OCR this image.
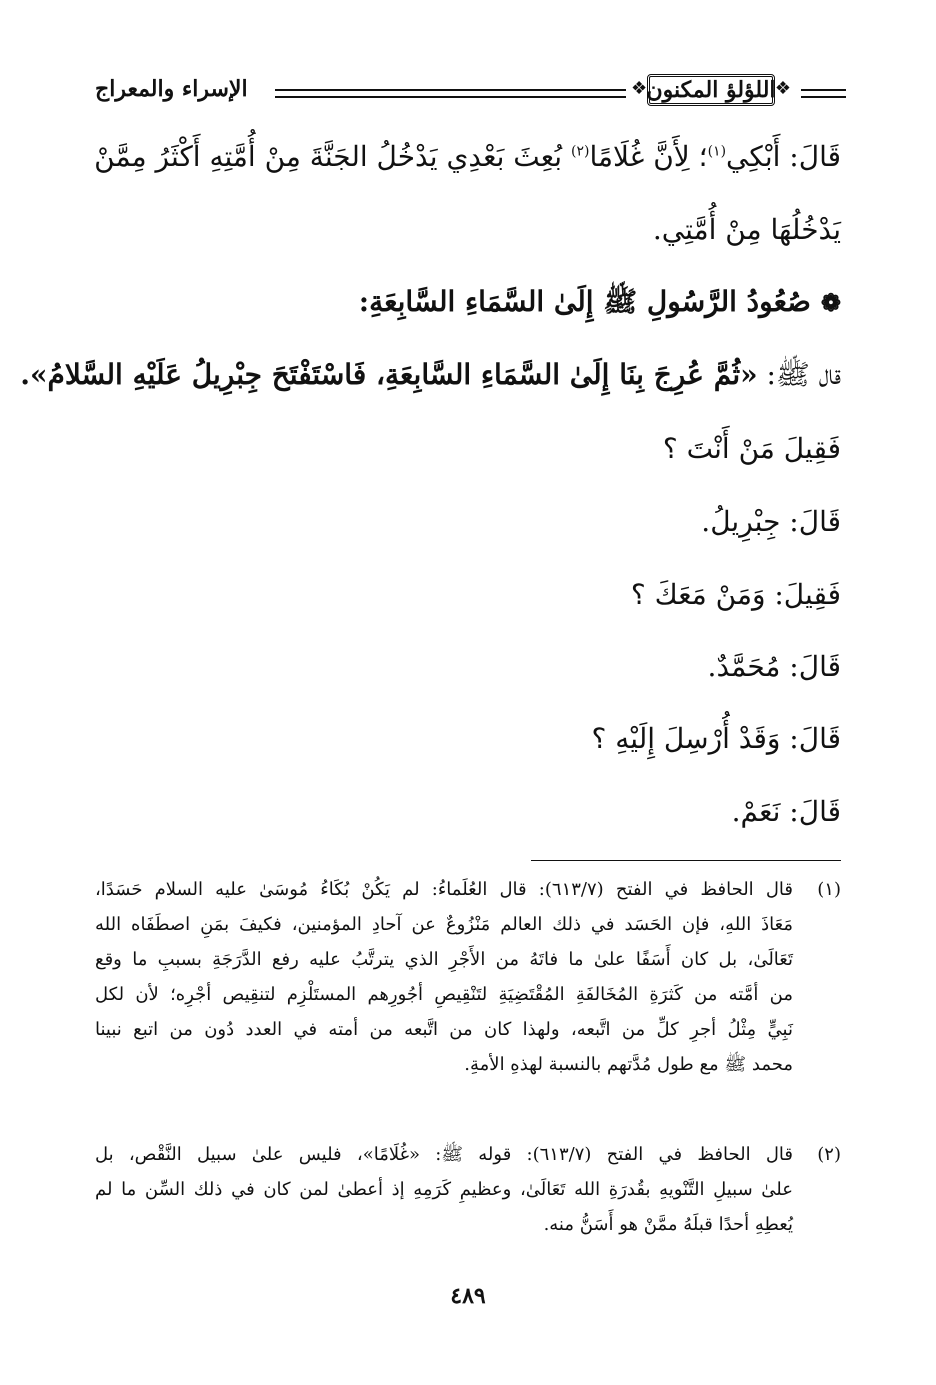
❖
اللؤلؤ المكنون
❖
الإسراء والمعراج
قَالَ: أَبْكِي$^{(١)}$؛ لِأَنَّ غُلَامًا$^{(٢)}$ بُعِثَ بَعْدِي يَدْخُلُ الجَنَّةَ مِنْ أُمَّتِهِ أَكْثَرُ مِمَّنْ
يَدْخُلُهَا مِنْ أُمَّتِي.
❁صُعُودُ الرَّسُولِ ﷺ إِلَىٰ السَّمَاءِ السَّابِعَةِ:
قال ﷺ: «ثُمَّ عُرِجَ بِنَا إِلَىٰ السَّمَاءِ السَّابِعَةِ، فَاسْتَفْتَحَ جِبْرِيلُ عَلَيْهِ السَّلامُ».
فَقِيلَ مَنْ أَنْتَ ؟
قَالَ: جِبْرِيلُ.
فَقِيلَ: وَمَنْ مَعَكَ ؟
قَالَ: مُحَمَّدٌ.
قَالَ: وَقَدْ أُرْسِلَ إِلَيْهِ ؟
قَالَ: نَعَمْ.
(١)
قال الحافظ في الفتح (٦١٣/٧): قال العُلَماءُ: لم يَكُنْ بُكَاءُ مُوسَىٰ عليه السلام حَسَدًا،
مَعَاذَ اللهِ، فإن الحَسَد في ذلك العالم مَنْزُوعٌ عن آحادِ المؤمنين، فكيفَ بمَنِ اصطَفَاه الله
تَعَالَىٰ، بل كان أَسَفًا علىٰ ما فاتَهُ من الأَجْرِ الذي يترتَّبُ عليه رفع الدَّرَجَةِ بسببِ ما وقع
من أمَّته من كَثرَةِ المُخَالفَةِ المُقْتَضِيَةِ لتَنْقِيصِ أجُورِهم المستَلْزِم لتنقِيص أجْرِه؛ لأن لكل
نَبِيٍّ مِثْلُ أجرِ كلِّ من اتَّبعه، ولهذا كان من اتَّبعه من أمته في العدد دُون من اتبع نبينا
محمد ﷺ مع طول مُدَّتهم بالنسبة لهذهِ الأمةِ.
(٢)
قال الحافظ في الفتح (٦١٣/٧): قوله ﷺ: «غُلَامًا»، فليس علىٰ سبيل النَّقْص، بل
علىٰ سبيلِ التَّنْويهِ بقُدرَةِ الله تَعَالَىٰ، وعظيمِ كَرَمِهِ إذ أعطىٰ لمن كان في ذلك السِّن ما لم
يُعطِهِ أحدًا قبلَهُ ممَّنْ هو أَسَنُّ منه.
٤٨٩
